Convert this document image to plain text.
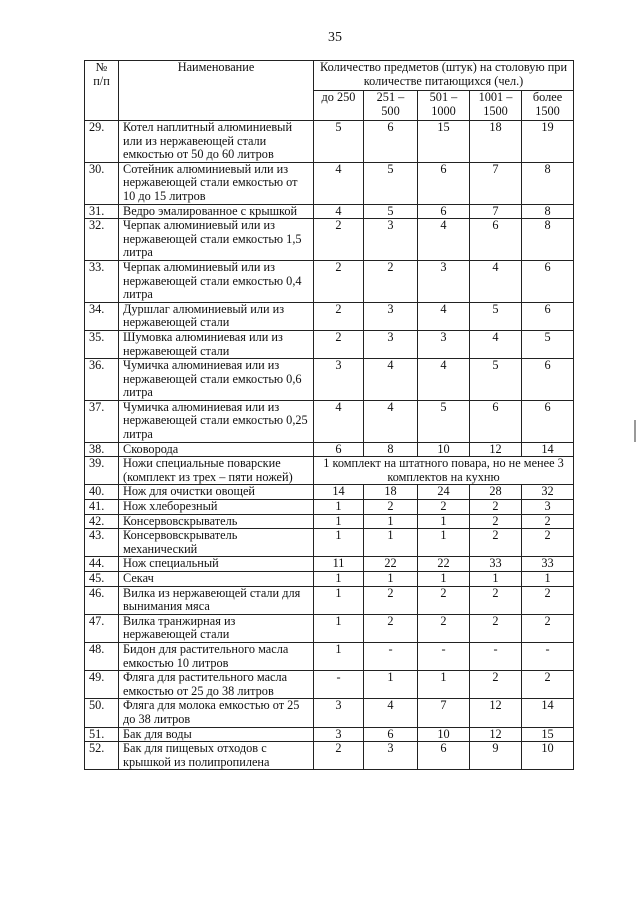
35
№
п/п	Наименование	Количество предметов (штук) на столовую при количестве питающихся (чел.)				
		до 250	251 – 500	501 – 1000	1001 – 1500	более 1500
29.	Котел наплитный алюминиевый или из нержавеющей стали емкостью от 50 до 60 литров	5	6	15	18	19
30.	Сотейник алюминиевый или из нержавеющей стали емкостью от 10 до 15 литров	4	5	6	7	8
31.	Ведро эмалированное с крышкой	4	5	6	7	8
32.	Черпак алюминиевый или из нержавеющей стали емкостью 1,5 литра	2	3	4	6	8
33.	Черпак алюминиевый или из нержавеющей стали емкостью 0,4 литра	2	2	3	4	6
34.	Дуршлаг алюминиевый или из нержавеющей стали	2	3	4	5	6
35.	Шумовка алюминиевая или из нержавеющей стали	2	3	3	4	5
36.	Чумичка алюминиевая или из нержавеющей стали емкостью 0,6 литра	3	4	4	5	6
37.	Чумичка алюминиевая или из нержавеющей стали емкостью 0,25 литра	4	4	5	6	6
38.	Сковорода	6	8	10	12	14
39.	Ножи специальные поварские (комплект из трех – пяти ножей)	1 комплект на штатного повара, но не менее 3 комплектов на кухню				
40.	Нож для очистки овощей	14	18	24	28	32
41.	Нож хлеборезный	1	2	2	2	3
42.	Консервовскрыватель	1	1	1	2	2
43.	Консервовскрыватель механический	1	1	1	2	2
44.	Нож специальный	11	22	22	33	33
45.	Секач	1	1	1	1	1
46.	Вилка из нержавеющей стали для вынимания мяса	1	2	2	2	2
47.	Вилка транжирная из нержавеющей стали	1	2	2	2	2
48.	Бидон для растительного масла емкостью 10 литров	1	-	-	-	-
49.	Фляга для растительного масла емкостью от 25 до 38 литров	-	1	1	2	2
50.	Фляга для молока емкостью от 25 до 38 литров	3	4	7	12	14
51.	Бак для воды	3	6	10	12	15
52.	Бак для пищевых отходов с крышкой из полипропилена	2	3	6	9	10
